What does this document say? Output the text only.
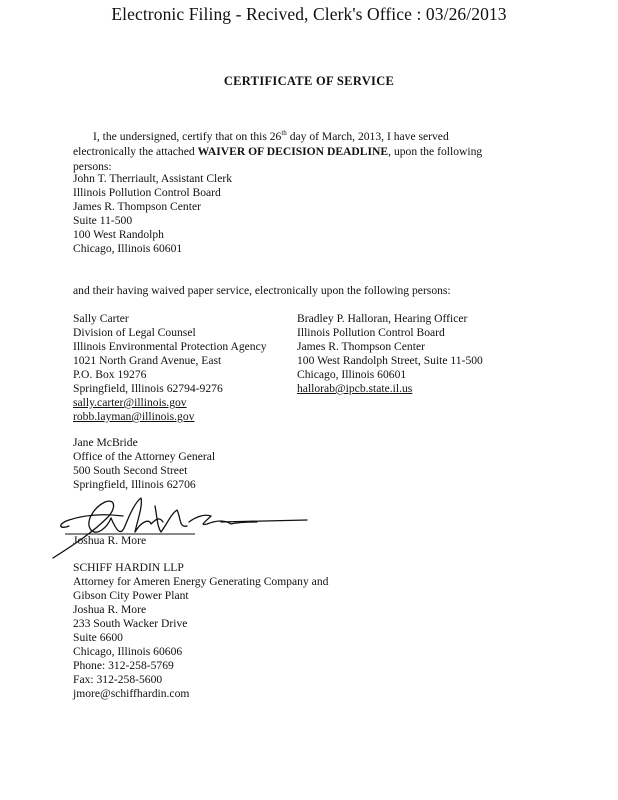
Electronic Filing - Recived, Clerk's Office : 03/26/2013
CERTIFICATE OF SERVICE
I, the undersigned, certify that on this 26th day of March, 2013, I have served
electronically the attached WAIVER OF DECISION DEADLINE, upon the following
persons:
John T. Therriault, Assistant Clerk
Illinois Pollution Control Board
James R. Thompson Center
Suite 11-500
100 West Randolph
Chicago, Illinois 60601
and their having waived paper service, electronically upon the following persons:
Sally Carter
Division of Legal Counsel
Illinois Environmental Protection Agency
1021 North Grand Avenue, East
P.O. Box 19276
Springfield, Illinois 62794-9276
sally.carter@illinois.gov
robb.layman@illinois.gov
Bradley P. Halloran, Hearing Officer
Illinois Pollution Control Board
James R. Thompson Center
100 West Randolph Street, Suite 11-500
Chicago, Illinois 60601
hallorab@ipcb.state.il.us
Jane McBride
Office of the Attorney General
500 South Second Street
Springfield, Illinois 62706
Joshua R. More
SCHIFF HARDIN LLP
Attorney for Ameren Energy Generating Company and
Gibson City Power Plant
Joshua R. More
233 South Wacker Drive
Suite 6600
Chicago, Illinois 60606
Phone: 312-258-5769
Fax: 312-258-5600
jmore@schiffhardin.com
